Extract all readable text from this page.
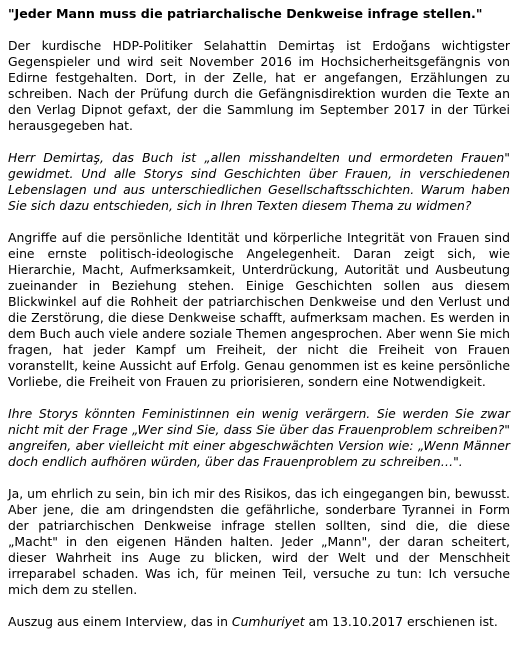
"Jeder Mann muss die patriarchalische Denkweise infrage stellen."

Der kurdische HDP-Politiker Selahattin Demirtaş ist Erdoğans wichtigster Gegenspieler und wird seit November 2016 im Hochsicherheitsgefängnis von Edirne festgehalten. Dort, in der Zelle, hat er angefangen, Erzählungen zu schreiben. Nach der Prüfung durch die Gefängnisdirektion wurden die Texte an den Verlag Dipnot gefaxt, der die Sammlung im September 2017 in der Türkei herausgegeben hat.

Herr Demirtaş, das Buch ist „allen misshandelten und ermordeten Frauen" gewidmet. Und alle Storys sind Geschichten über Frauen, in verschiedenen Lebenslagen und aus unterschiedlichen Gesellschaftsschichten. Warum haben Sie sich dazu entschieden, sich in Ihren Texten diesem Thema zu widmen?

Angriffe auf die persönliche Identität und körperliche Integrität von Frauen sind eine ernste politisch-ideologische Angelegenheit. Daran zeigt sich, wie Hierarchie, Macht, Aufmerksamkeit, Unterdrückung, Autorität und Ausbeutung zueinander in Beziehung stehen. Einige Geschichten sollen aus diesem Blickwinkel auf die Rohheit der patriarchischen Denkweise und den Verlust und die Zerstörung, die diese Denkweise schafft, aufmerksam machen. Es werden in dem Buch auch viele andere soziale Themen angesprochen. Aber wenn Sie mich fragen, hat jeder Kampf um Freiheit, der nicht die Freiheit von Frauen voranstellt, keine Aussicht auf Erfolg. Genau genommen ist es keine persönliche Vorliebe, die Freiheit von Frauen zu priorisieren, sondern eine Notwendigkeit.

Ihre Storys könnten Feministinnen ein wenig verärgern. Sie werden Sie zwar nicht mit der Frage „Wer sind Sie, dass Sie über das Frauenproblem schreiben?" angreifen, aber vielleicht mit einer abgeschwächten Version wie: „Wenn Männer doch endlich aufhören würden, über das Frauenproblem zu schreiben…".

Ja, um ehrlich zu sein, bin ich mir des Risikos, das ich eingegangen bin, bewusst. Aber jene, die am dringendsten die gefährliche, sonderbare Tyrannei in Form der patriarchischen Denkweise infrage stellen sollten, sind die, die diese „Macht" in den eigenen Händen halten. Jeder „Mann", der daran scheitert, dieser Wahrheit ins Auge zu blicken, wird der Welt und der Menschheit irreparabel schaden. Was ich, für meinen Teil, versuche zu tun: Ich versuche mich dem zu stellen.

Auszug aus einem Interview, das in Cumhuriyet am 13.10.2017 erschienen ist.
